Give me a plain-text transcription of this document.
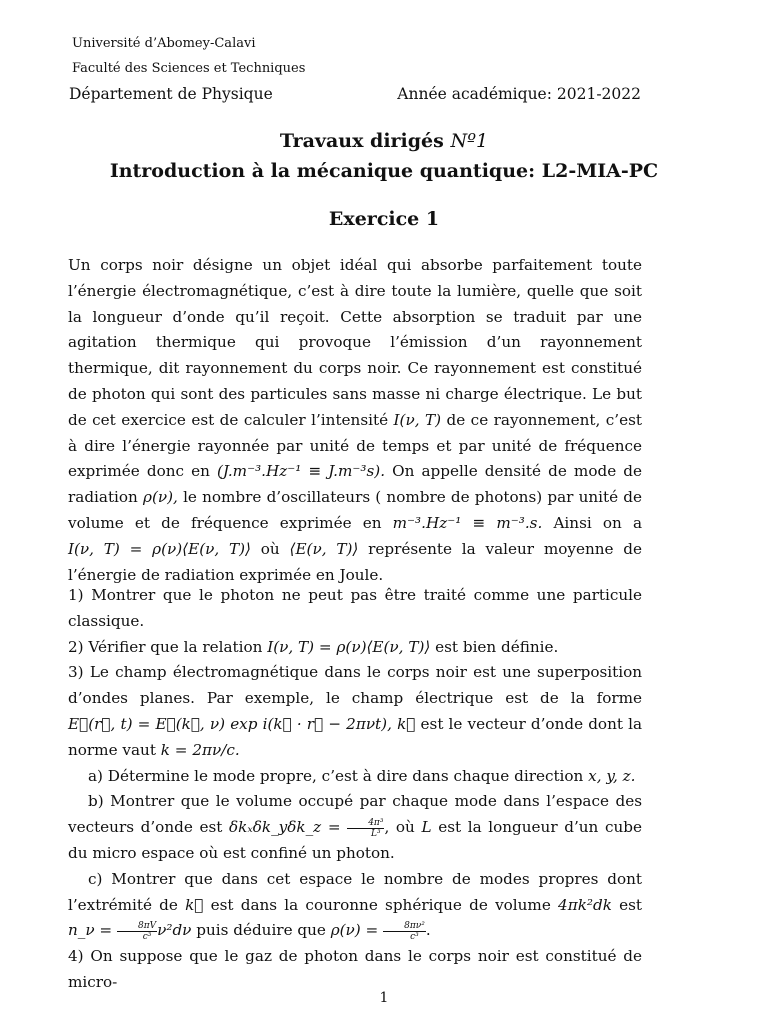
Université d’Abomey-Calavi
Faculté des Sciences et Techniques
Département de Physique	Année académique: 2021-2022
Travaux dirigés Nº1
Introduction à la mécanique quantique: L2-MIA-PC
Exercice 1

Un corps noir désigne un objet idéal qui absorbe parfaitement toute l’énergie électromagnétique, c’est à dire toute la lumière, quelle que soit la longueur d’onde qu’il reçoit. Cette absorption se traduit par une agitation thermique qui provoque l’émission d’un rayonnement thermique, dit rayonnement du corps noir. Ce rayonnement est constitué de photon qui sont des particules sans masse ni charge électrique. Le but de cet exercice est de calculer l’intensité I(ν, T) de ce rayonnement, c’est à dire l’énergie rayonnée par unité de temps et par unité de fréquence exprimée donc en (J.m⁻³.Hz⁻¹ ≡ J.m⁻³s). On appelle densité de mode de radiation ρ(ν), le nombre d’oscillateurs ( nombre de photons) par unité de volume et de fréquence exprimée en m⁻³.Hz⁻¹ ≡ m⁻³.s. Ainsi on a I(ν, T) = ρ(ν)⟨E(ν, T)⟩ où ⟨E(ν, T)⟩ représente la valeur moyenne de l’énergie de radiation exprimée en Joule.

1) Montrer que le photon ne peut pas être traité comme une particule classique.

2) Vérifier que la relation I(ν, T) = ρ(ν)⟨E(ν, T)⟩ est bien définie.

3) Le champ électromagnétique dans le corps noir est une superposition d’ondes planes. Par exemple, le champ électrique est de la forme E⃗(r⃗, t) = E⃗(k⃗, ν) exp i(k⃗ · r⃗ − 2πνt), k⃗ est le vecteur d’onde dont la norme vaut k = 2πν/c.

a) Détermine le mode propre, c’est à dire dans chaque direction x, y, z.

b) Montrer que le volume occupé par chaque mode dans l’espace des vecteurs d’onde est δkₓδk_yδk_z = $\frac{\text{4π³}}{\text{L³}}$ , où L est la longueur d’un cube du micro espace où est confiné un photon.

c) Montrer que dans cet espace le nombre de modes propres dont l’extrémité de k⃗ est dans la couronne sphérique de volume 4πk²dk est n_ν = $\frac{8\pi V}{\text{c³}} \nu^2d\nu$ puis déduire que $\rho(\nu) = \frac{\text{8πν²}}{\text{c³}}$ .

4) On suppose que le gaz de photon dans le corps noir est constitué de micro-

1
